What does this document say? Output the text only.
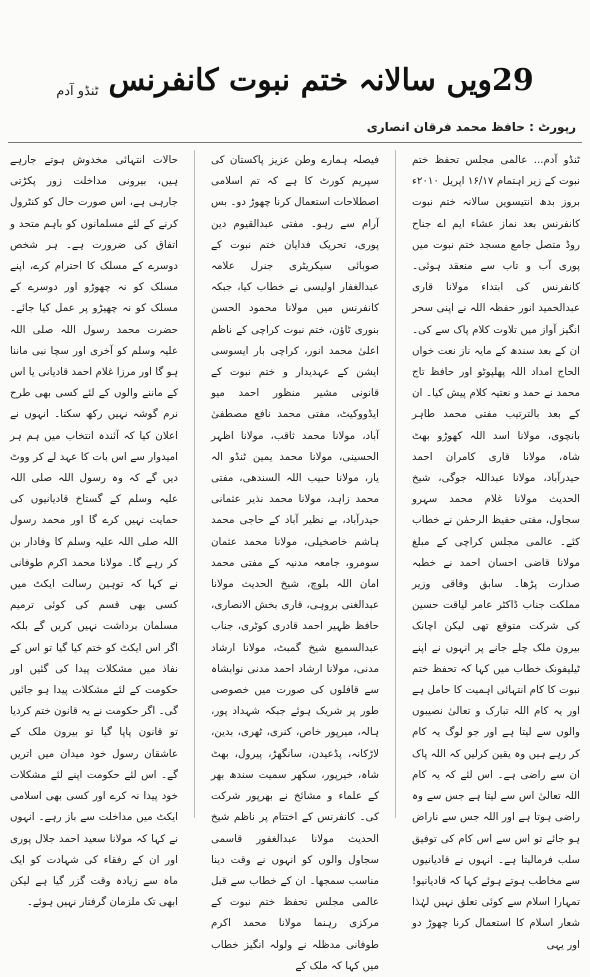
29ویں سالانہ ختم نبوت کانفرنس
ٹنڈو آدم
رپورٹ : حافظ محمد فرقان انصاری

ٹنڈو آدم... عالمی مجلس تحفظ ختم نبوت کے زیر اہتمام ۱۶/۱۷ اپریل ۲۰۱۰ء بروز بدھ انتیسویں سالانہ ختم نبوت کانفرنس بعد نماز عشاء ایم اے جناح روڈ متصل جامع مسجد ختم نبوت میں پوری آب و تاب سے منعقد ہوئی۔ کانفرنس کی ابتداء مولانا قاری عبدالحمید انور حفظہ اللہ نے اپنی سحر انگیز آواز میں تلاوت کلام پاک سے کی۔ ان کے بعد سندھ کے مایہ ناز نعت خواں الحاج امداد اللہ پھلپوٹو اور حافظ تاج محمد نے حمد و نعتیہ کلام پیش کیا۔ ان کے بعد بالترتیب مفتی محمد طاہر بانچوی، مولانا اسد اللہ کھوڑو بھٹ شاہ، مولانا قاری کامران احمد حیدرآباد، مولانا عبداللہ جوگی، شیخ الحدیث مولانا غلام محمد سہرو سجاول، مفتی حفیظ الرحمٰن نے خطاب کئے۔ عالمی مجلس کراچی کے مبلغ مولانا قاضی احسان احمد نے خطبہ صدارت پڑھا۔ سابق وفاقی وزیر مملکت جناب ڈاکٹر عامر لیاقت حسین کی شرکت متوقع تھی لیکن اچانک بیرون ملک چلے جانے پر انہوں نے اپنے ٹیلیفونک خطاب میں کہا کہ تحفظ ختم نبوت کا کام انتہائی اہمیت کا حامل ہے اور یہ کام اللہ تبارک و تعالیٰ نصیبوں والوں سے لیتا ہے اور جو لوگ یہ کام کر رہے ہیں وہ یقین کرلیں کہ اللہ پاک ان سے راضی ہے۔ اس لئے کہ یہ کام اللہ تعالیٰ اس سے لیتا ہے جس سے وہ راضی ہوتا ہے اور اللہ جس سے ناراض ہو جائے تو اس سے اس کام کی توفیق سلب فرمالیتا ہے۔ انہوں نے قادیانیوں سے مخاطب ہوتے ہوئے کہا کہ قادیانیو! تمہارا اسلام سے کوئی تعلق نہیں لہٰذا شعار اسلام کا استعمال کرنا چھوڑ دو اور یہی

فیصلہ ہمارے وطن عزیز پاکستان کی سپریم کورٹ کا ہے کہ تم اسلامی اصطلاحات استعمال کرنا چھوڑ دو۔ بس آرام سے رہو۔ مفتی عبدالقیوم دین پوری، تحریک فدایان ختم نبوت کے صوبائی سیکریٹری جنرل علامہ عبدالغفار اولیسی نے خطاب کیا، جبکہ کانفرنس میں مولانا محمود الحسن بنوری ٹاؤن، ختم نبوت کراچی کے ناظم اعلیٰ محمد انور، کراچی بار ایسوسی ایشن کے عہدیدار و ختم نبوت کے قانونی مشیر منظور احمد میو ایڈووکیٹ، مفتی محمد نافع مصطفیٰ آباد، مولانا محمد ثاقب، مولانا اظہر الحسینی، مولانا محمد یمین ٹنڈو الہ یار، مولانا حبیب اللہ السندھی، مفتی محمد زاہد، مولانا محمد نذیر عثمانی حیدرآباد، بے نظیر آباد کے حاجی محمد ہاشم خاصخیلی، مولانا محمد عثمان سومرو، جامعہ مدنیہ کے مفتی محمد امان اللہ بلوچ، شیخ الحدیث مولانا عبدالغنی بروہی، قاری بخش الانصاری، حافظ ظہیر احمد قادری کوٹری، جناب عبدالسمیع شیخ گمبٹ، مولانا ارشاد مدنی، مولانا ارشاد احمد مدنی نوابشاہ سے قافلوں کی صورت میں خصوصی طور پر شریک ہوئے جبکہ شہداد پور، ہالہ، میرپور خاص، کنری، ٹھری، بدین، لاڑکانہ، پڈعیدن، سانگھڑ، پیرول، بھٹ شاہ، خیرپور، سکھر سمیت سندھ بھر کے علماء و مشائخ نے بھرپور شرکت کی۔ کانفرنس کے اختتام پر ناظم شیخ الحدیث مولانا عبدالغفور قاسمی سجاول والوں کو انہوں نے وقت دینا مناسب سمجھا۔ ان کے خطاب سے قبل عالمی مجلس تحفظ ختم نبوت کے مرکزی رہنما مولانا محمد اکرم طوفانی مدظلہ نے ولولہ انگیز خطاب میں کہا کہ ملک کے

حالات انتہائی مخدوش ہوتے جارہے ہیں، بیرونی مداخلت زور پکڑتی جارہی ہے، اس صورت حال کو کنٹرول کرنے کے لئے مسلمانوں کو باہم متحد و اتفاق کی ضرورت ہے۔ ہر شخص دوسرے کے مسلک کا احترام کرے، اپنے مسلک کو نہ چھوڑو اور دوسرے کے مسلک کو نہ چھیڑو پر عمل کیا جائے۔ حضرت محمد رسول اللہ صلی اللہ علیہ وسلم کو آخری اور سچا نبی ماننا ہو گا اور مرزا غلام احمد قادیانی یا اس کے ماننے والوں کے لئے کسی بھی طرح نرم گوشہ نہیں رکھ سکتا۔ انہوں نے اعلان کیا کہ آئندہ انتخاب میں ہم ہر امیدوار سے اس بات کا عہد لے کر ووٹ دیں گے کہ وہ رسول اللہ صلی اللہ علیہ وسلم کے گستاخ قادیانیوں کی حمایت نہیں کرے گا اور محمد رسول اللہ صلی اللہ علیہ وسلم کا وفادار بن کر رہے گا۔ مولانا محمد اکرم طوفانی نے کہا کہ توہین رسالت ایکٹ میں کسی بھی قسم کی کوئی ترمیم مسلمان برداشت نہیں کریں گے بلکہ اگر اس ایکٹ کو ختم کیا گیا تو اس کے نفاذ میں مشکلات پیدا کی گئیں اور حکومت کے لئے مشکلات پیدا ہو جائیں گی۔ اگر حکومت نے یہ قانون ختم کردیا تو قانون پاپا گیا تو بیرون ملک کے عاشقان رسول خود میدان میں اتریں گے۔ اس لئے حکومت اپنے لئے مشکلات خود پیدا نہ کرے اور کسی بھی اسلامی ایکٹ میں مداخلت سے باز رہے۔ انہوں نے کہا کہ مولانا سعید احمد جلال پوری اور ان کے رفقاء کی شہادت کو ایک ماہ سے زیادہ وقت گزر گیا ہے لیکن ابھی تک ملزمان گرفتار نہیں ہوئے۔
